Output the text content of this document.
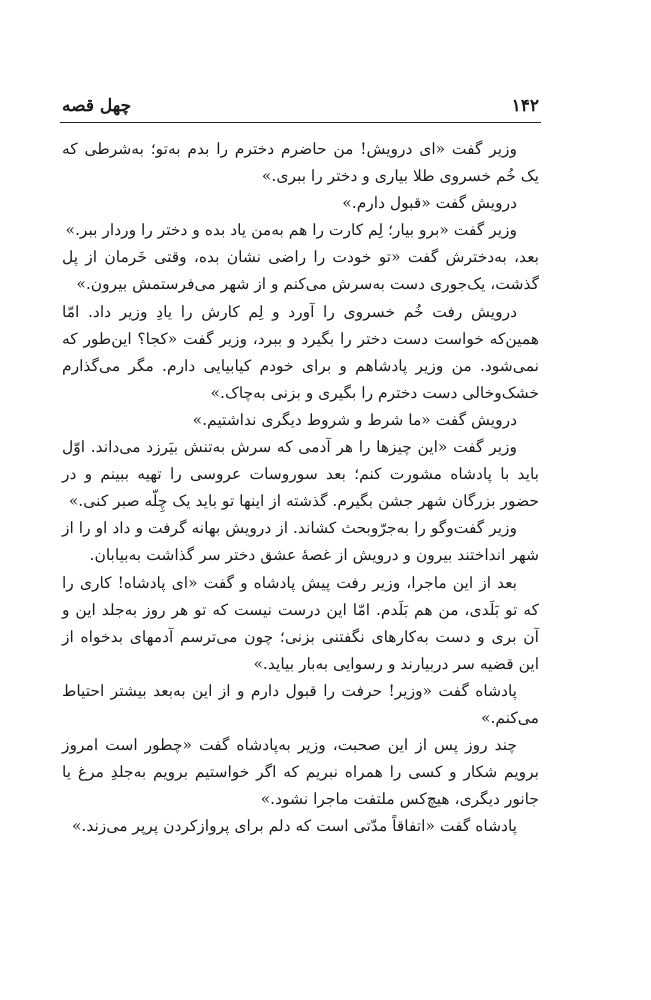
۱۴۲
چهل قصه

وزیر گفت «ای درویش! من حاضرم دخترم را بدم به‌تو؛ به‌شرطی که یک خُم خسروی طلا بیاری و دختر را ببری.»

درویش گفت «قبول دارم.»

وزیر گفت «برو بیار؛ لِم کارت را هم به‌من یاد بده و دختر را وردار ببر.»

بعد، به‌دخترش گفت «تو خودت را راضی نشان بده، وقتی خَرمان از پل گذشت، یک‌جوری دست به‌سرش می‌کنم و از شهر می‌فرستمش بیرون.»

درویش رفت خُم خسروی را آورد و لِم کارش را یادِ وزیر داد. امّا همین‌که خواست دست دختر را بگیرد و ببرد، وزیر گفت «کجا؟ این‌طور که نمی‌شود. من وزیر پادشاهم و برای خودم کیابیایی دارم. مگر می‌گذارم خشک‌وخالی دست دخترم را بگیری و بزنی به‌چاک.»

درویش گفت «ما شرط و شروط دیگری نداشتیم.»

وزیر گفت «این چیزها را هر آدمی که سرش به‌تنش بیَرزد می‌داند. اوّل باید با پادشاه مشورت کنم؛ بعد سوروسات عروسی را تهیه ببینم و در حضور بزرگان شهر جشن بگیرم. گذشته از اینها تو باید یک چِلّه صبر کنی.»

وزیر گفت‌وگو را به‌جرّوبحث کشاند. از درویش بهانه گرفت و داد او را از شهر انداختند بیرون و درویش از غصهٔ عشق دختر سر گذاشت به‌بیابان.

بعد از این ماجرا، وزیر رفت پیش پادشاه و گفت «ای پادشاه! کاری را که تو بَلَدی، من هم بَلَدم. امّا این درست نیست که تو هر روز به‌جلد این و آن بری و دست به‌کارهای نگفتنی بزنی؛ چون می‌ترسم آدمهای بدخواه از این قضیه سر دربیارند و رسوایی به‌بار بیاید.»

پادشاه گفت «وزیر! حرفت را قبول دارم و از این به‌بعد بیشتر احتیاط می‌کنم.»

چند روز پس از این صحبت، وزیر به‌پادشاه گفت «چطور است امروز برویم شکار و کسی را همراه نبریم که اگر خواستیم برویم به‌جلدِ مرغ یا جانور دیگری، هیچ‌کس ملتفت ماجرا نشود.»

پادشاه گفت «اتفاقاً مدّتی است که دلم برای پروازکردن پرپر می‌زند.»
